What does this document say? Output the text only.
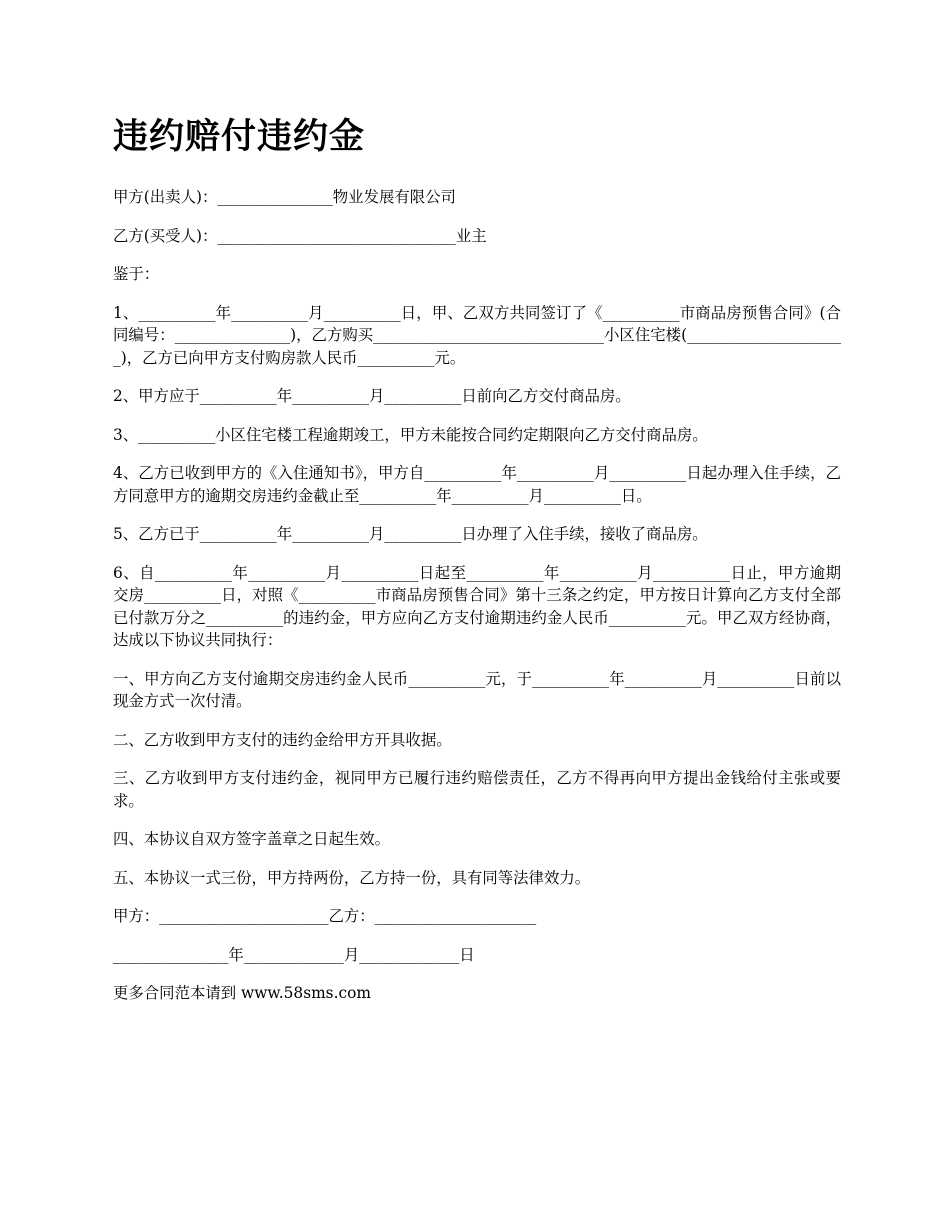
违约赔付违约金

甲方(出卖人)：_______________物业发展有限公司

乙方(买受人)：_______________________________业主

鉴于：

1、__________年__________月__________日，甲、乙双方共同签订了《__________市商品房预售合同》(合同编号：_______________)，乙方购买______________________________小区住宅楼(_____________________)，乙方已向甲方支付购房款人民币__________元。

2、甲方应于__________年__________月__________日前向乙方交付商品房。

3、__________小区住宅楼工程逾期竣工，甲方未能按合同约定期限向乙方交付商品房。

4、乙方已收到甲方的《入住通知书》，甲方自__________年__________月__________日起办理入住手续，乙方同意甲方的逾期交房违约金截止至__________年__________月__________日。

5、乙方已于__________年__________月__________日办理了入住手续，接收了商品房。

6、自__________年__________月__________日起至__________年__________月__________日止，甲方逾期交房__________日，对照《__________市商品房预售合同》第十三条之约定，甲方按日计算向乙方支付全部已付款万分之__________的违约金，甲方应向乙方支付逾期违约金人民币__________元。甲乙双方经协商，达成以下协议共同执行：

一、甲方向乙方支付逾期交房违约金人民币__________元，于__________年__________月__________日前以现金方式一次付清。

二、乙方收到甲方支付的违约金给甲方开具收据。

三、乙方收到甲方支付违约金，视同甲方已履行违约赔偿责任，乙方不得再向甲方提出金钱给付主张或要求。

四、本协议自双方签字盖章之日起生效。

五、本协议一式三份，甲方持两份，乙方持一份，具有同等法律效力。

甲方：______________________乙方：_____________________

_______________年_____________月_____________日

更多合同范本请到 www.58sms.com
